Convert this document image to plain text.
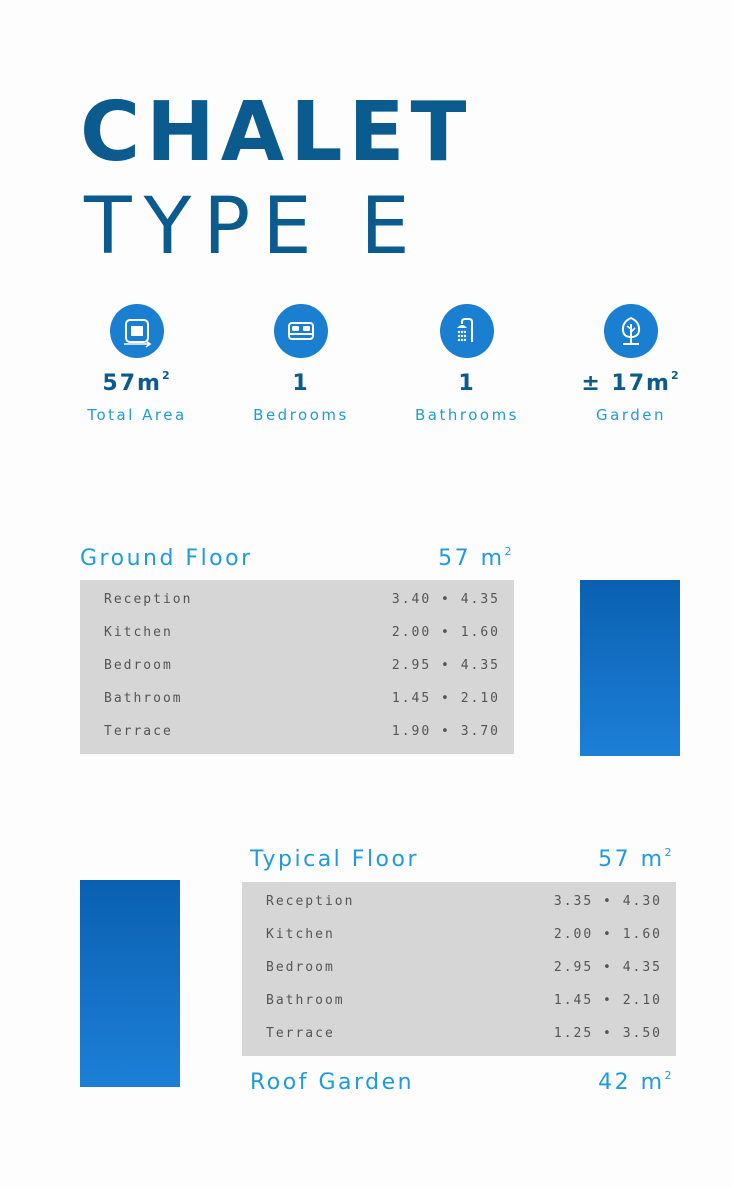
CHALET
TYPE E
$57m^2$
Total Area
1
Bedrooms
1
Bathrooms
± $17m^2$
Garden
Ground Floor	57 $m^2$
Reception	3.40 • 4.35
Kitchen	2.00 • 1.60
Bedroom	2.95 • 4.35
Bathroom	1.45 • 2.10
Terrace	1.90 • 3.70
Typical Floor	57 $m^2$
Reception	3.35 • 4.30
Kitchen	2.00 • 1.60
Bedroom	2.95 • 4.35
Bathroom	1.45 • 2.10
Terrace	1.25 • 3.50
Roof Garden	42 $m^2$
